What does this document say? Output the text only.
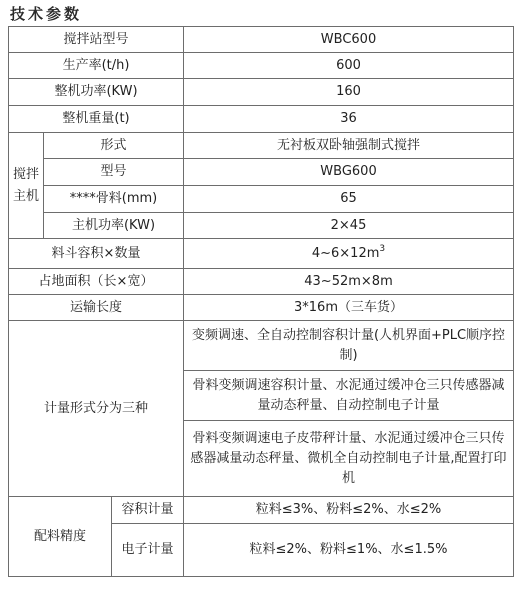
技术参数
搅拌站型号			WBC600
生产率(t/h)			600
整机功率(KW)			160
整机重量(t)			36

搅拌
主机	形式		无衬板双卧轴强制式搅拌
	型号		WBG600
	****骨料(mm)		65
	主机功率(KW)		2×45
料斗容积×数量			$4\sim 6\times 12m^3$
占地面积（长×宽）			43~52m×8m
运输长度			3*16m（三车货）
计量形式分为三种			变频调速、全自动控制容积计量(人机界面+PLC顺序控制)
			骨料变频调速容积计量、水泥通过缓冲仓三只传感器减量动态秤量、自动控制电子计量
			骨料变频调速电子皮带秤计量、水泥通过缓冲仓三只传感器减量动态秤量、微机全自动控制电子计量,配置打印机
配料精度		容积计量	粒料≤3%、粉料≤2%、水≤2%
		电子计量	粒料≤2%、粉料≤1%、水≤1.5%
